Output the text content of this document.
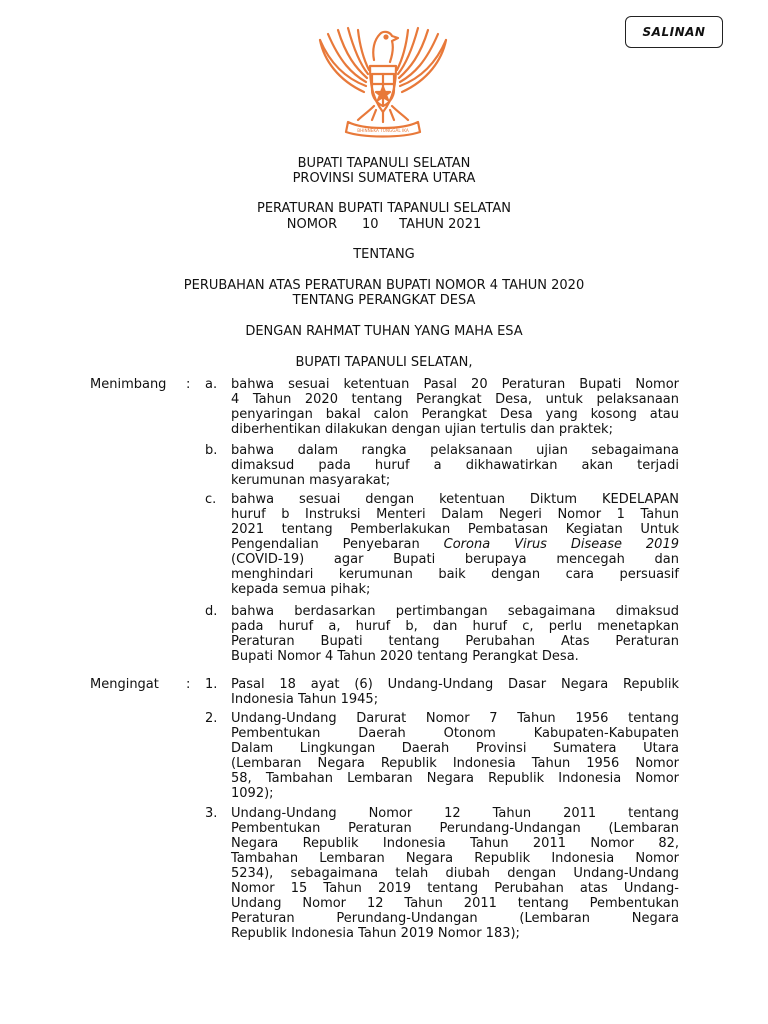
SALINAN
BHINNEKA TUNGGAL IKA
BUPATI TAPANULI SELATAN
PROVINSI SUMATERA UTARA
PERATURAN BUPATI TAPANULI SELATAN
NOMOR      10     TAHUN 2021
TENTANG
PERUBAHAN ATAS PERATURAN BUPATI NOMOR 4 TAHUN 2020
TENTANG PERANGKAT DESA
DENGAN RAHMAT TUHAN YANG MAHA ESA
BUPATI TAPANULI SELATAN,
Menimbang : a. bahwa sesuai ketentuan Pasal 20 Peraturan Bupati Nomor
4 Tahun 2020 tentang Perangkat Desa, untuk pelaksanaan
penyaringan bakal calon Perangkat Desa yang kosong atau
diberhentikan dilakukan dengan ujian tertulis dan praktek;
b. bahwa dalam rangka pelaksanaan ujian sebagaimana
dimaksud pada huruf a dikhawatirkan akan terjadi
kerumunan masyarakat;
c. bahwa sesuai dengan ketentuan Diktum KEDELAPAN
huruf b Instruksi Menteri Dalam Negeri Nomor 1 Tahun
2021 tentang Pemberlakukan Pembatasan Kegiatan Untuk
Pengendalian Penyebaran Corona Virus Disease 2019
(COVID-19) agar Bupati berupaya mencegah dan
menghindari kerumunan baik dengan cara persuasif
kepada semua pihak;
d. bahwa berdasarkan pertimbangan sebagaimana dimaksud
pada huruf a, huruf b, dan huruf c, perlu menetapkan
Peraturan Bupati tentang Perubahan Atas Peraturan
Bupati Nomor 4 Tahun 2020 tentang Perangkat Desa.
Mengingat : 1. Pasal 18 ayat (6) Undang-Undang Dasar Negara Republik
Indonesia Tahun 1945;
2. Undang-Undang Darurat Nomor 7 Tahun 1956 tentang
Pembentukan Daerah Otonom Kabupaten-Kabupaten
Dalam Lingkungan Daerah Provinsi Sumatera Utara
(Lembaran Negara Republik Indonesia Tahun 1956 Nomor
58, Tambahan Lembaran Negara Republik Indonesia Nomor
1092);
3. Undang-Undang Nomor 12 Tahun 2011 tentang
Pembentukan Peraturan Perundang-Undangan (Lembaran
Negara Republik Indonesia Tahun 2011 Nomor 82,
Tambahan Lembaran Negara Republik Indonesia Nomor
5234), sebagaimana telah diubah dengan Undang-Undang
Nomor 15 Tahun 2019 tentang Perubahan atas Undang-
Undang Nomor 12 Tahun 2011 tentang Pembentukan
Peraturan Perundang-Undangan (Lembaran Negara
Republik Indonesia Tahun 2019 Nomor 183);
